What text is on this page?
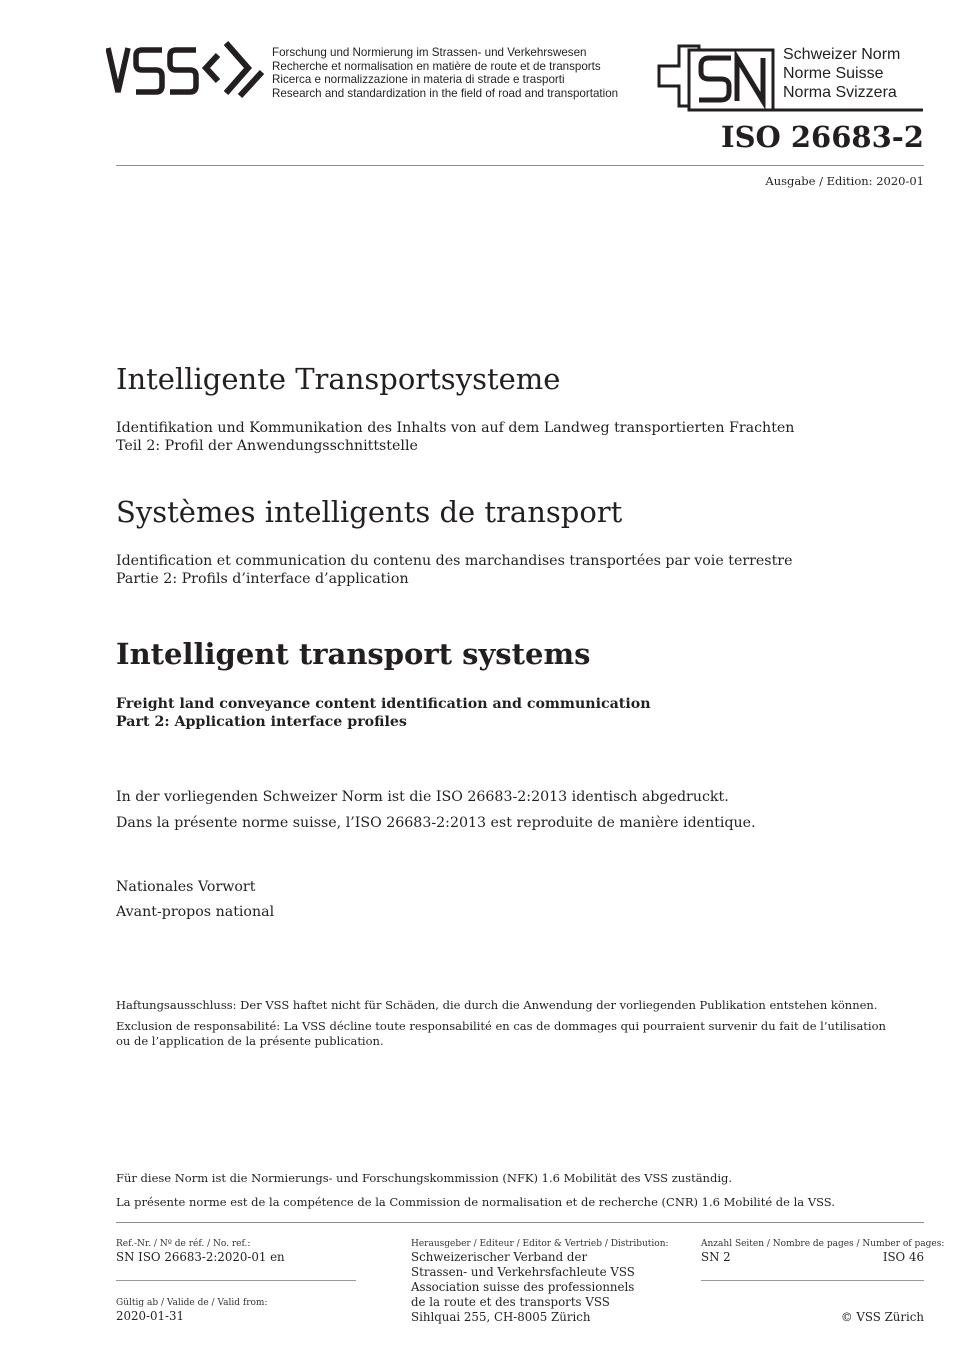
Forschung und Normierung im Strassen- und Verkehrswesen
Recherche et normalisation en matière de route et de transports
Ricerca e normalizzazione in materia di strade e trasporti
Research and standardization in the field of road and transportation
Schweizer Norm
Norme Suisse
Norma Svizzera
ISO 26683-2
Ausgabe / Edition: 2020-01
Intelligente Transportsysteme
Identifikation und Kommunikation des Inhalts von auf dem Landweg transportierten Frachten
Teil 2: Profil der Anwendungsschnittstelle
Systèmes intelligents de transport
Identification et communication du contenu des marchandises transportées par voie terrestre
Partie 2: Profils d’interface d’application
Intelligent transport systems
Freight land conveyance content identification and communication
Part 2: Application interface profiles
In der vorliegenden Schweizer Norm ist die ISO 26683-2:2013 identisch abgedruckt.
Dans la présente norme suisse, l’ISO 26683-2:2013 est reproduite de manière identique.
Nationales Vorwort
Avant-propos national
Haftungsausschluss: Der VSS haftet nicht für Schäden, die durch die Anwendung der vorliegenden Publikation entstehen können.
Exclusion de responsabilité: La VSS décline toute responsabilité en cas de dommages qui pourraient survenir du fait de l’utilisation
ou de l’application de la présente publication.
Für diese Norm ist die Normierungs- und Forschungskommission (NFK) 1.6 Mobilität des VSS zuständig.
La présente norme est de la compétence de la Commission de normalisation et de recherche (CNR) 1.6 Mobilité de la VSS.
Ref.-Nr. / Nº de réf. / No. ref.:
SN ISO 26683-2:2020-01 en
Gültig ab / Valide de / Valid from:
2020-01-31
Herausgeber / Editeur / Editor & Vertrieb / Distribution:
Schweizerischer Verband der
Strassen- und Verkehrsfachleute VSS
Association suisse des professionnels
de la route et des transports VSS
Sihlquai 255, CH-8005 Zürich
Anzahl Seiten / Nombre de pages / Number of pages:
SN 2	ISO 46
© VSS Zürich
